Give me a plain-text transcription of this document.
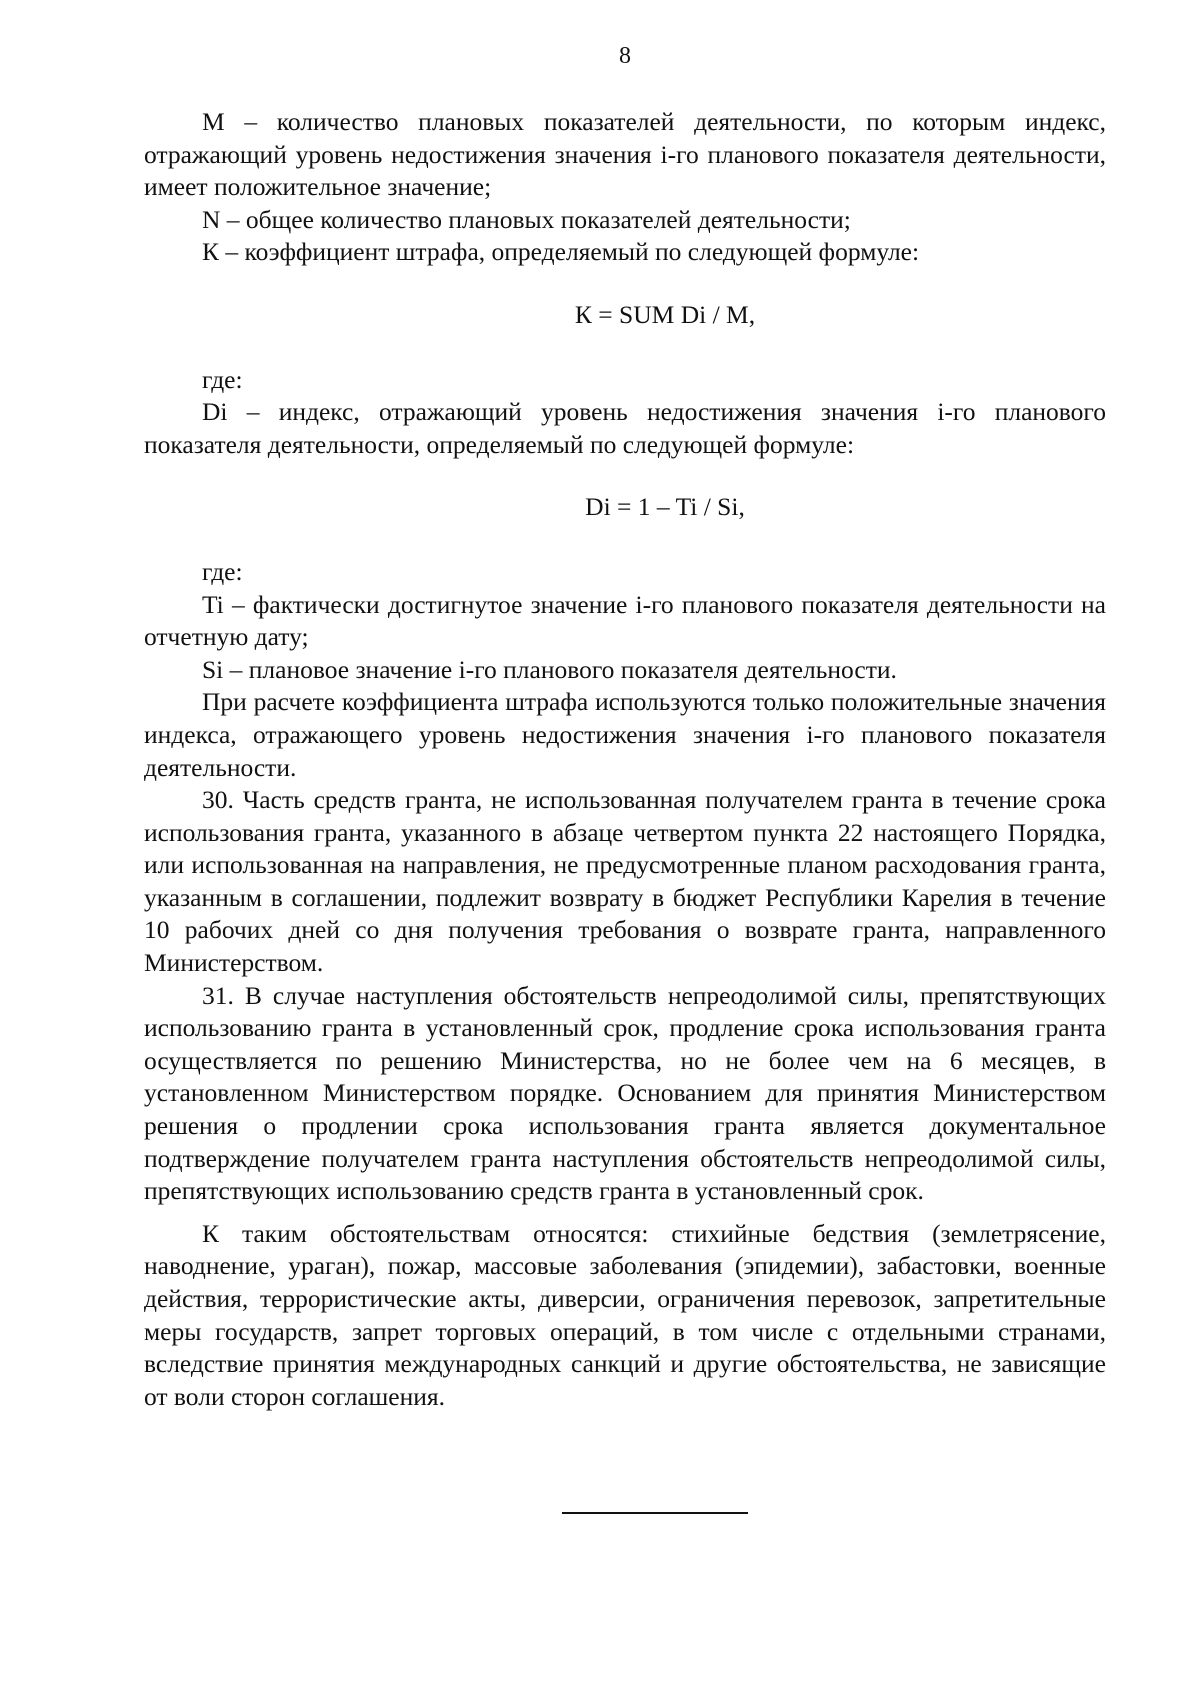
8

M – количество плановых показателей деятельности, по которым индекс, отражающий уровень недостижения значения i-го планового показателя деятельности, имеет положительное значение;

N – общее количество плановых показателей деятельности;

К – коэффициент штрафа, определяемый по следующей формуле:

К = SUM Di / M,

где:

Di – индекс, отражающий уровень недостижения значения i-го планового показателя деятельности, определяемый по следующей формуле:

Di = 1 – Ti / Si,

где:

Ti – фактически достигнутое значение i-го планового показателя деятельности на отчетную дату;

Si – плановое значение i-го планового показателя деятельности.

При расчете коэффициента штрафа используются только положительные значения индекса, отражающего уровень недостижения значения i-го планового показателя деятельности.

30. Часть средств гранта, не использованная получателем гранта в течение срока использования гранта, указанного в абзаце четвертом пункта 22 настоящего Порядка, или использованная на направления, не предусмотренные планом расходования гранта, указанным в соглашении, подлежит возврату в бюджет Республики Карелия в течение 10 рабочих дней со дня получения требования о возврате гранта, направленного Министерством.

31. В случае наступления обстоятельств непреодолимой силы, препятствующих использованию гранта в установленный срок, продление срока использования гранта осуществляется по решению Министерства, но не более чем на 6 месяцев, в установленном Министерством порядке. Основанием для принятия Министерством решения о продлении срока использования гранта является документальное подтверждение получателем гранта наступления обстоятельств непреодолимой силы, препятствующих использованию средств гранта в установленный срок.

К таким обстоятельствам относятся: стихийные бедствия (землетрясение, наводнение, ураган), пожар, массовые заболевания (эпидемии), забастовки, военные действия, террористические акты, диверсии, ограничения перевозок, запретительные меры государств, запрет торговых операций, в том числе с отдельными странами, вследствие принятия международных санкций и другие обстоятельства, не зависящие от воли сторон соглашения.
